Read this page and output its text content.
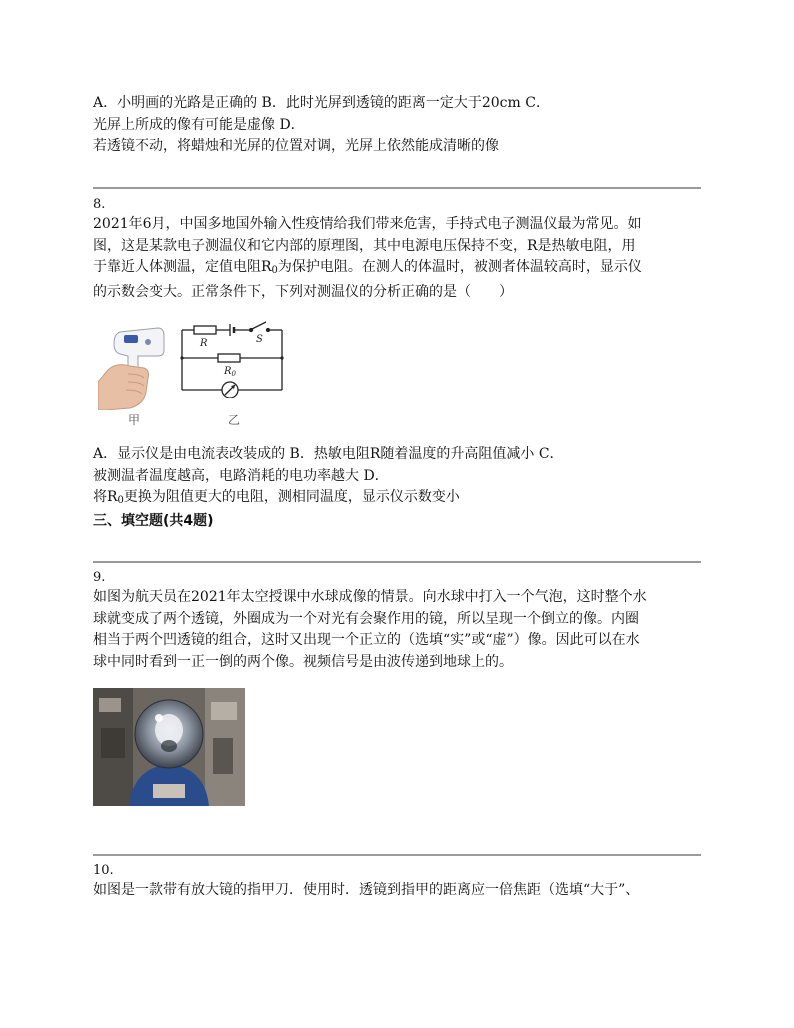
A．小明画的光路是正确的 B．此时光屏到透镜的距离一定大于20cm C．
光屏上所成的像有可能是虚像 D．
若透镜不动，将蜡烛和光屏的位置对调，光屏上依然能成清晰的像
8.
2021年6月，中国多地国外输入性疫情给我们带来危害，手持式电子测温仪最为常见。如
图，这是某款电子测温仪和它内部的原理图，其中电源电压保持不变，R是热敏电阻，用
于靠近人体测温，定值电阻$R_0$为保护电阻。在测人的体温时，被测者体温较高时，显示仪
的示数会变大。正常条件下，下列对测温仪的分析正确的是（　　）
甲
R	S
$R_0$
乙
A．显示仪是由电流表改装成的 B．热敏电阻R随着温度的升高阻值减小 C．
被测温者温度越高，电路消耗的电功率越大 D．
将$R_0$更换为阻值更大的电阻，测相同温度，显示仪示数变小
三、填空题(共4题)
9.
如图为航天员在2021年太空授课中水球成像的情景。向水球中打入一个气泡，这时整个水
球就变成了两个透镜，外圈成为一个对光有会聚作用的镜，所以呈现一个倒立的像。内圈
相当于两个凹透镜的组合，这时又出现一个正立的（选填“实”或“虚”）像。因此可以在水
球中同时看到一正一倒的两个像。视频信号是由波传递到地球上的。
10.
如图是一款带有放大镜的指甲刀．使用时．透镜到指甲的距离应一倍焦距（选填“大于”、
